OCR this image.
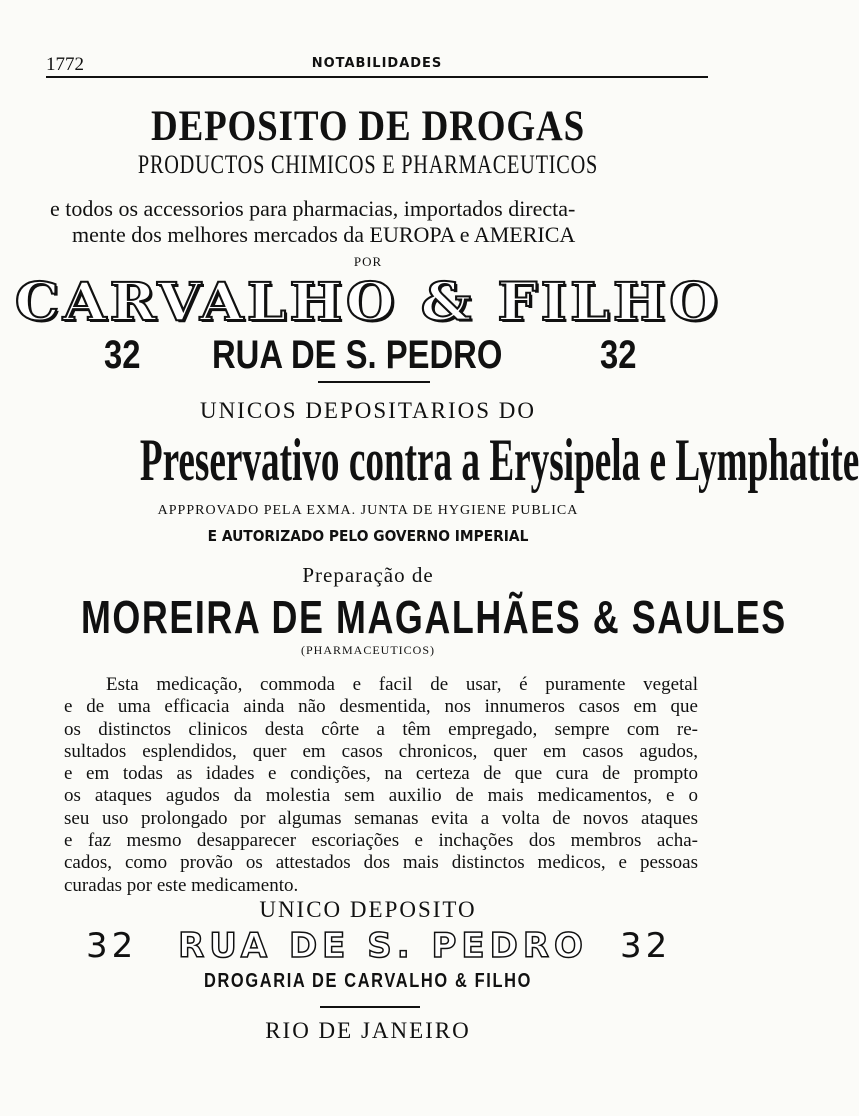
1772	NOTABILIDADES
DEPOSITO DE DROGAS
PRODUCTOS CHIMICOS E PHARMACEUTICOS
e todos os accessorios para pharmacias, importados directa-
mente dos melhores mercados da EUROPA e AMERICA
POR
CARVALHO & FILHO
32 RUA DE S. PEDRO 32
UNICOS DEPOSITARIOS DO
Preservativo contra a Erysipela e Lymphatite
APPPROVADO PELA EXMA. JUNTA DE HYGIENE PUBLICA
E AUTORIZADO PELO GOVERNO IMPERIAL
Preparação de
MOREIRA DE MAGALHÃES & SAULES
(PHARMACEUTICOS)
Esta medicação, commoda e facil de usar, é puramente vegetal
e de uma efficacia ainda não desmentida, nos innumeros casos em que
os distinctos clinicos desta côrte a têm empregado, sempre com re-
sultados esplendidos, quer em casos chronicos, quer em casos agudos,
e em todas as idades e condições, na certeza de que cura de prompto
os ataques agudos da molestia sem auxilio de mais medicamentos, e o
seu uso prolongado por algumas semanas evita a volta de novos ataques
e faz mesmo desapparecer escoriações e inchações dos membros acha-
cados, como provão os attestados dos mais distinctos medicos, e pessoas
curadas por este medicamento.
UNICO DEPOSITO
32	RUA DE S. PEDRO 32
DROGARIA DE CARVALHO & FILHO
RIO DE JANEIRO
